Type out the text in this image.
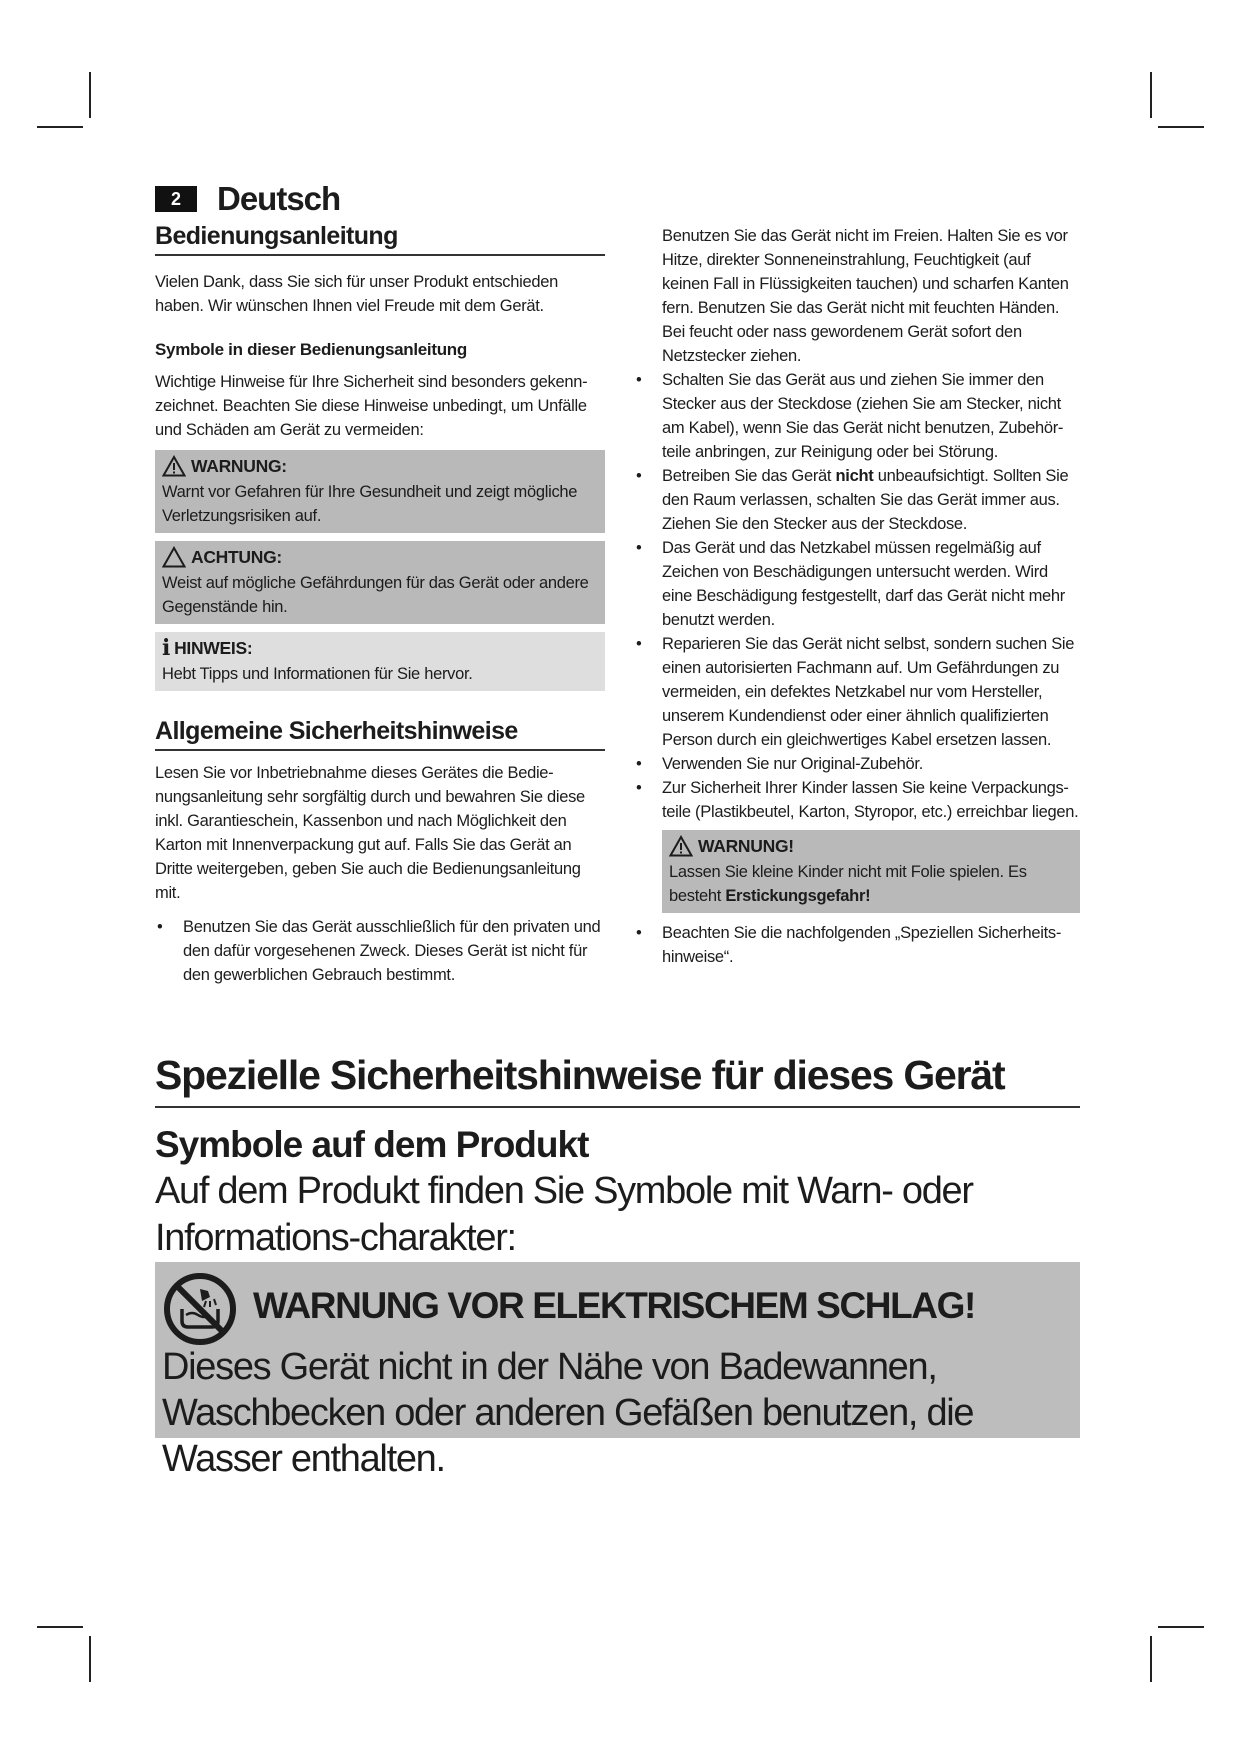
2	Deutsch
Bedienungsanleitung

Vielen Dank, dass Sie sich für unser Produkt entschieden haben. Wir wünschen Ihnen viel Freude mit dem Gerät.

Symbole in dieser Bedienungsanleitung

Wichtige Hinweise für Ihre Sicherheit sind besonders gekenn-zeichnet. Beachten Sie diese Hinweise unbedingt, um Unfälle und Schäden am Gerät zu vermeiden:

WARNUNG:
Warnt vor Gefahren für Ihre Gesundheit und zeigt mögliche Verletzungsrisiken auf.
ACHTUNG:
Weist auf mögliche Gefährdungen für das Gerät oder andere Gegenstände hin.
i HINWEIS:
Hebt Tipps und Informationen für Sie hervor.
Allgemeine Sicherheitshinweise

Lesen Sie vor Inbetriebnahme dieses Gerätes die Bedie-nungsanleitung sehr sorgfältig durch und bewahren Sie diese inkl. Garantieschein, Kassenbon und nach Möglichkeit den Karton mit Innenverpackung gut auf. Falls Sie das Gerät an Dritte weitergeben, geben Sie auch die Bedienungsanleitung mit.

• Benutzen Sie das Gerät ausschließlich für den privaten und den dafür vorgesehenen Zweck. Dieses Gerät ist nicht für den gewerblichen Gebrauch bestimmt.
Benutzen Sie das Gerät nicht im Freien. Halten Sie es vor Hitze, direkter Sonneneinstrahlung, Feuchtigkeit (auf keinen Fall in Flüssigkeiten tauchen) und scharfen Kanten fern. Benutzen Sie das Gerät nicht mit feuchten Händen. Bei feucht oder nass gewordenem Gerät sofort den Netzstecker ziehen.
• Schalten Sie das Gerät aus und ziehen Sie immer den Stecker aus der Steckdose (ziehen Sie am Stecker, nicht am Kabel), wenn Sie das Gerät nicht benutzen, Zubehör-teile anbringen, zur Reinigung oder bei Störung.
• Betreiben Sie das Gerät nicht unbeaufsichtigt. Sollten Sie den Raum verlassen, schalten Sie das Gerät immer aus. Ziehen Sie den Stecker aus der Steckdose.
• Das Gerät und das Netzkabel müssen regelmäßig auf Zeichen von Beschädigungen untersucht werden. Wird eine Beschädigung festgestellt, darf das Gerät nicht mehr benutzt werden.
• Reparieren Sie das Gerät nicht selbst, sondern suchen Sie einen autorisierten Fachmann auf. Um Gefährdungen zu vermeiden, ein defektes Netzkabel nur vom Hersteller, unserem Kundendienst oder einer ähnlich qualifizierten Person durch ein gleichwertiges Kabel ersetzen lassen.
• Verwenden Sie nur Original-Zubehör.
• Zur Sicherheit Ihrer Kinder lassen Sie keine Verpackungs-teile (Plastikbeutel, Karton, Styropor, etc.) erreichbar liegen.
WARNUNG!
Lassen Sie kleine Kinder nicht mit Folie spielen. Es besteht Erstickungsgefahr!
• Beachten Sie die nachfolgenden „Speziellen Sicherheits-hinweise“.
Spezielle Sicherheitshinweise für dieses Gerät
Symbole auf dem Produkt

Auf dem Produkt finden Sie Symbole mit Warn- oder Informations-charakter:

WARNUNG VOR ELEKTRISCHEM SCHLAG!
Dieses Gerät nicht in der Nähe von Badewannen, Waschbecken oder anderen Gefäßen benutzen, die Wasser enthalten.
